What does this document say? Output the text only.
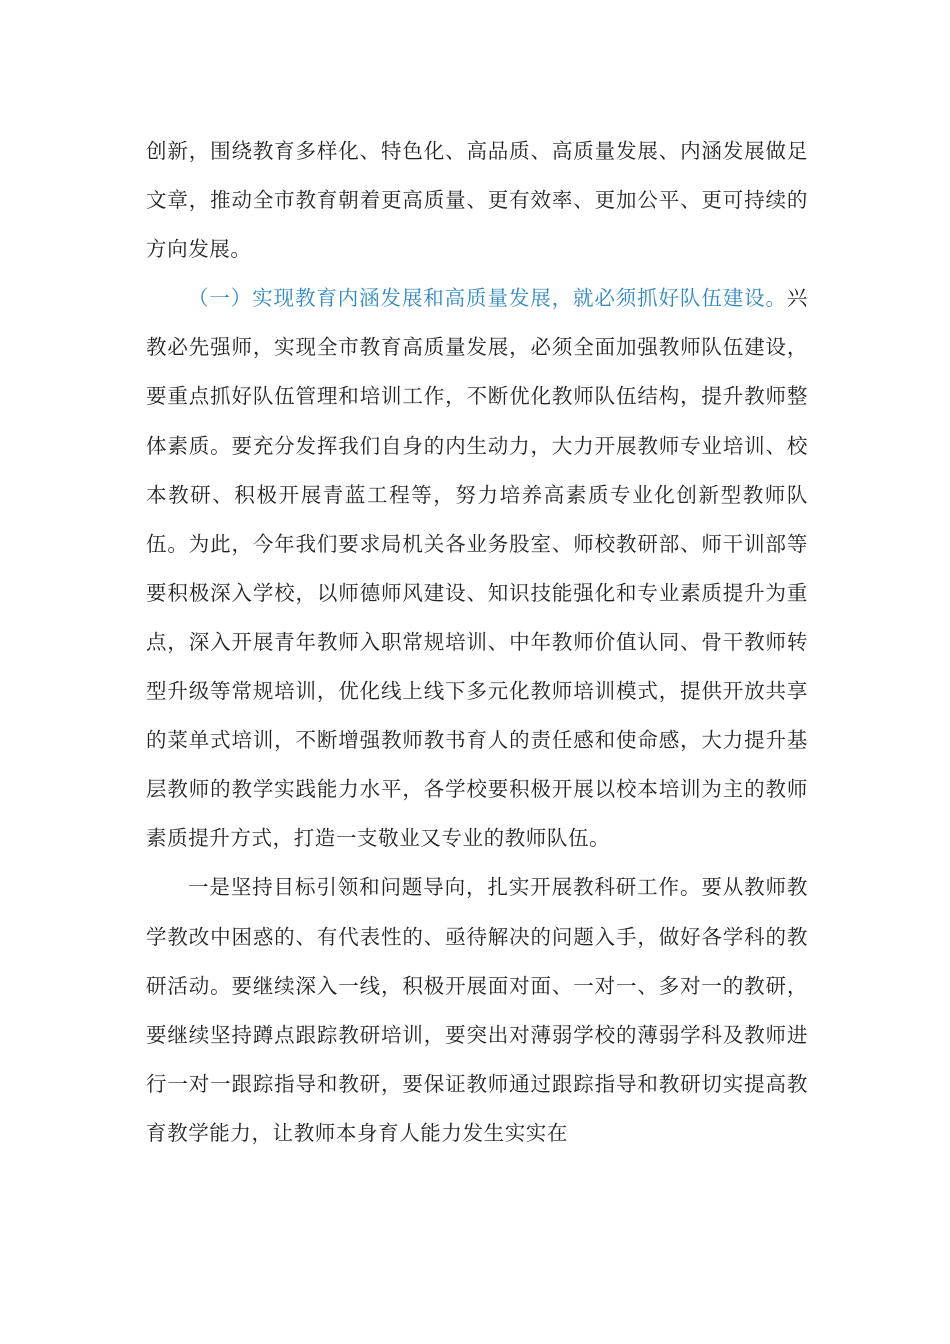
创新，围绕教育多样化、特色化、高品质、高质量发展、内涵发展做足文章，推动全市教育朝着更高质量、更有效率、更加公平、更可持续的方向发展。

（一）实现教育内涵发展和高质量发展，就必须抓好队伍建设。兴教必先强师，实现全市教育高质量发展，必须全面加强教师队伍建设，要重点抓好队伍管理和培训工作，不断优化教师队伍结构，提升教师整体素质。要充分发挥我们自身的内生动力，大力开展教师专业培训、校本教研、积极开展青蓝工程等，努力培养高素质专业化创新型教师队伍。为此，今年我们要求局机关各业务股室、师校教研部、师干训部等要积极深入学校，以师德师风建设、知识技能强化和专业素质提升为重点，深入开展青年教师入职常规培训、中年教师价值认同、骨干教师转型升级等常规培训，优化线上线下多元化教师培训模式，提供开放共享的菜单式培训，不断增强教师教书育人的责任感和使命感，大力提升基层教师的教学实践能力水平，各学校要积极开展以校本培训为主的教师素质提升方式，打造一支敬业又专业的教师队伍。

一是坚持目标引领和问题导向，扎实开展教科研工作。要从教师教学教改中困惑的、有代表性的、亟待解决的问题入手，做好各学科的教研活动。要继续深入一线，积极开展面对面、一对一、多对一的教研，要继续坚持蹲点跟踪教研培训，要突出对薄弱学校的薄弱学科及教师进行一对一跟踪指导和教研，要保证教师通过跟踪指导和教研切实提高教育教学能力，让教师本身育人能力发生实实在
